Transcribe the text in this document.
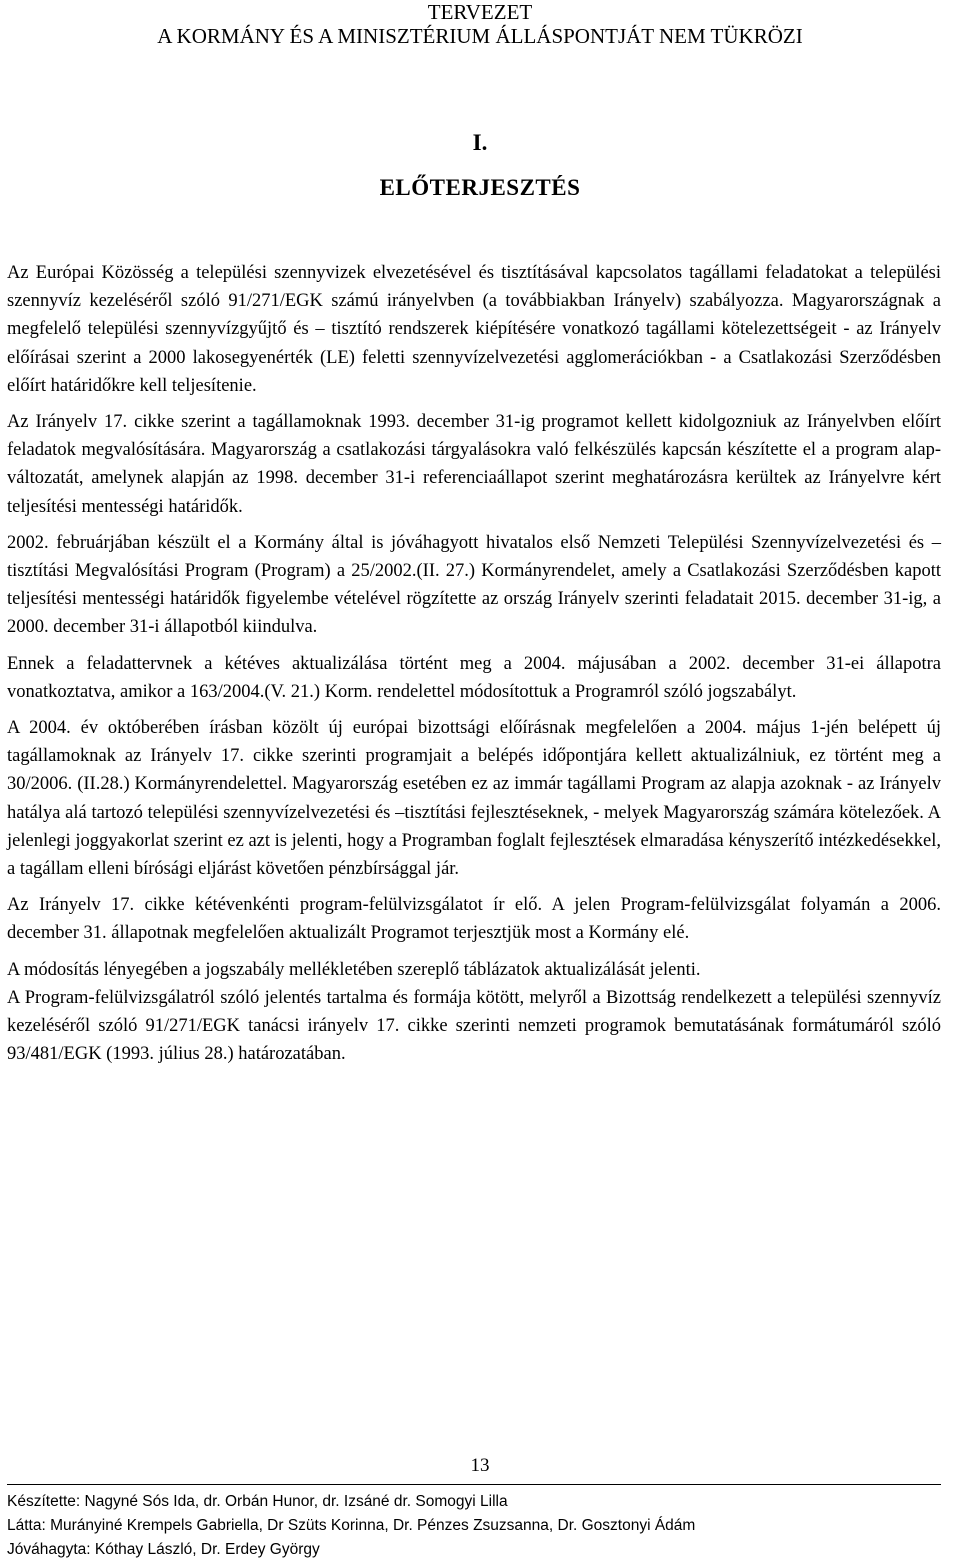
TERVEZET
A KORMÁNY ÉS A MINISZTÉRIUM ÁLLÁSPONTJÁT NEM TÜKRÖZI
I.
ELŐTERJESZTÉS

Az Európai Közösség a települési szennyvizek elvezetésével és tisztításával kapcsolatos tagállami feladatokat a települési szennyvíz kezeléséről szóló 91/271/EGK számú irányelvben (a továbbiakban Irányelv) szabályozza. Magyarországnak a megfelelő települési szennyvízgyűjtő és – tisztító rendszerek kiépítésére vonatkozó tagállami kötelezettségeit - az Irányelv előírásai szerint a 2000 lakosegyenérték (LE) feletti szennyvízelvezetési agglomerációkban - a Csatlakozási Szerződésben előírt határidőkre kell teljesítenie.

Az Irányelv 17. cikke szerint a tagállamoknak 1993. december 31-ig programot kellett kidolgozniuk az Irányelvben előírt feladatok megvalósítására. Magyarország a csatlakozási tárgyalásokra való felkészülés kapcsán készítette el a program alap-változatát, amelynek alapján az 1998. december 31-i referenciaállapot szerint meghatározásra kerültek az Irányelvre kért teljesítési mentességi határidők.

2002. februárjában készült el a Kormány által is jóváhagyott hivatalos első Nemzeti Települési Szennyvízelvezetési és –tisztítási Megvalósítási Program (Program) a 25/2002.(II. 27.) Kormányrendelet, amely a Csatlakozási Szerződésben kapott teljesítési mentességi határidők figyelembe vételével rögzítette az ország Irányelv szerinti feladatait 2015. december 31-ig, a 2000. december 31-i állapotból kiindulva.

Ennek a feladattervnek a kétéves aktualizálása történt meg a 2004. májusában a 2002. december 31-ei állapotra vonatkoztatva, amikor a 163/2004.(V. 21.) Korm. rendelettel módosítottuk a Programról szóló jogszabályt.

A 2004. év októberében írásban közölt új európai bizottsági előírásnak megfelelően a 2004. május 1-jén belépett új tagállamoknak az Irányelv 17. cikke szerinti programjait a belépés időpontjára kellett aktualizálniuk, ez történt meg a 30/2006. (II.28.) Kormányrendelettel. Magyarország esetében ez az immár tagállami Program az alapja azoknak - az Irányelv hatálya alá tartozó települési szennyvízelvezetési és –tisztítási fejlesztéseknek, - melyek Magyarország számára kötelezőek. A jelenlegi joggyakorlat szerint ez azt is jelenti, hogy a Programban foglalt fejlesztések elmaradása kényszerítő intézkedésekkel, a tagállam elleni bírósági eljárást követően pénzbírsággal jár.

Az Irányelv 17. cikke kétévenkénti program-felülvizsgálatot ír elő. A jelen Program-felülvizsgálat folyamán a 2006. december 31. állapotnak megfelelően aktualizált Programot terjesztjük most a Kormány elé.

A módosítás lényegében a jogszabály mellékletében szereplő táblázatok aktualizálását jelenti.

A Program-felülvizsgálatról szóló jelentés tartalma és formája kötött, melyről a Bizottság rendelkezett a települési szennyvíz kezeléséről szóló 91/271/EGK tanácsi irányelv 17. cikke szerinti nemzeti programok bemutatásának formátumáról szóló 93/481/EGK (1993. július 28.) határozatában.

13
Készítette: Nagyné Sós Ida, dr. Orbán Hunor, dr. Izsáné dr. Somogyi Lilla
Látta: Murányiné Krempels Gabriella, Dr Szüts Korinna, Dr. Pénzes Zsuzsanna, Dr. Gosztonyi Ádám
Jóváhagyta: Kóthay László, Dr. Erdey György
